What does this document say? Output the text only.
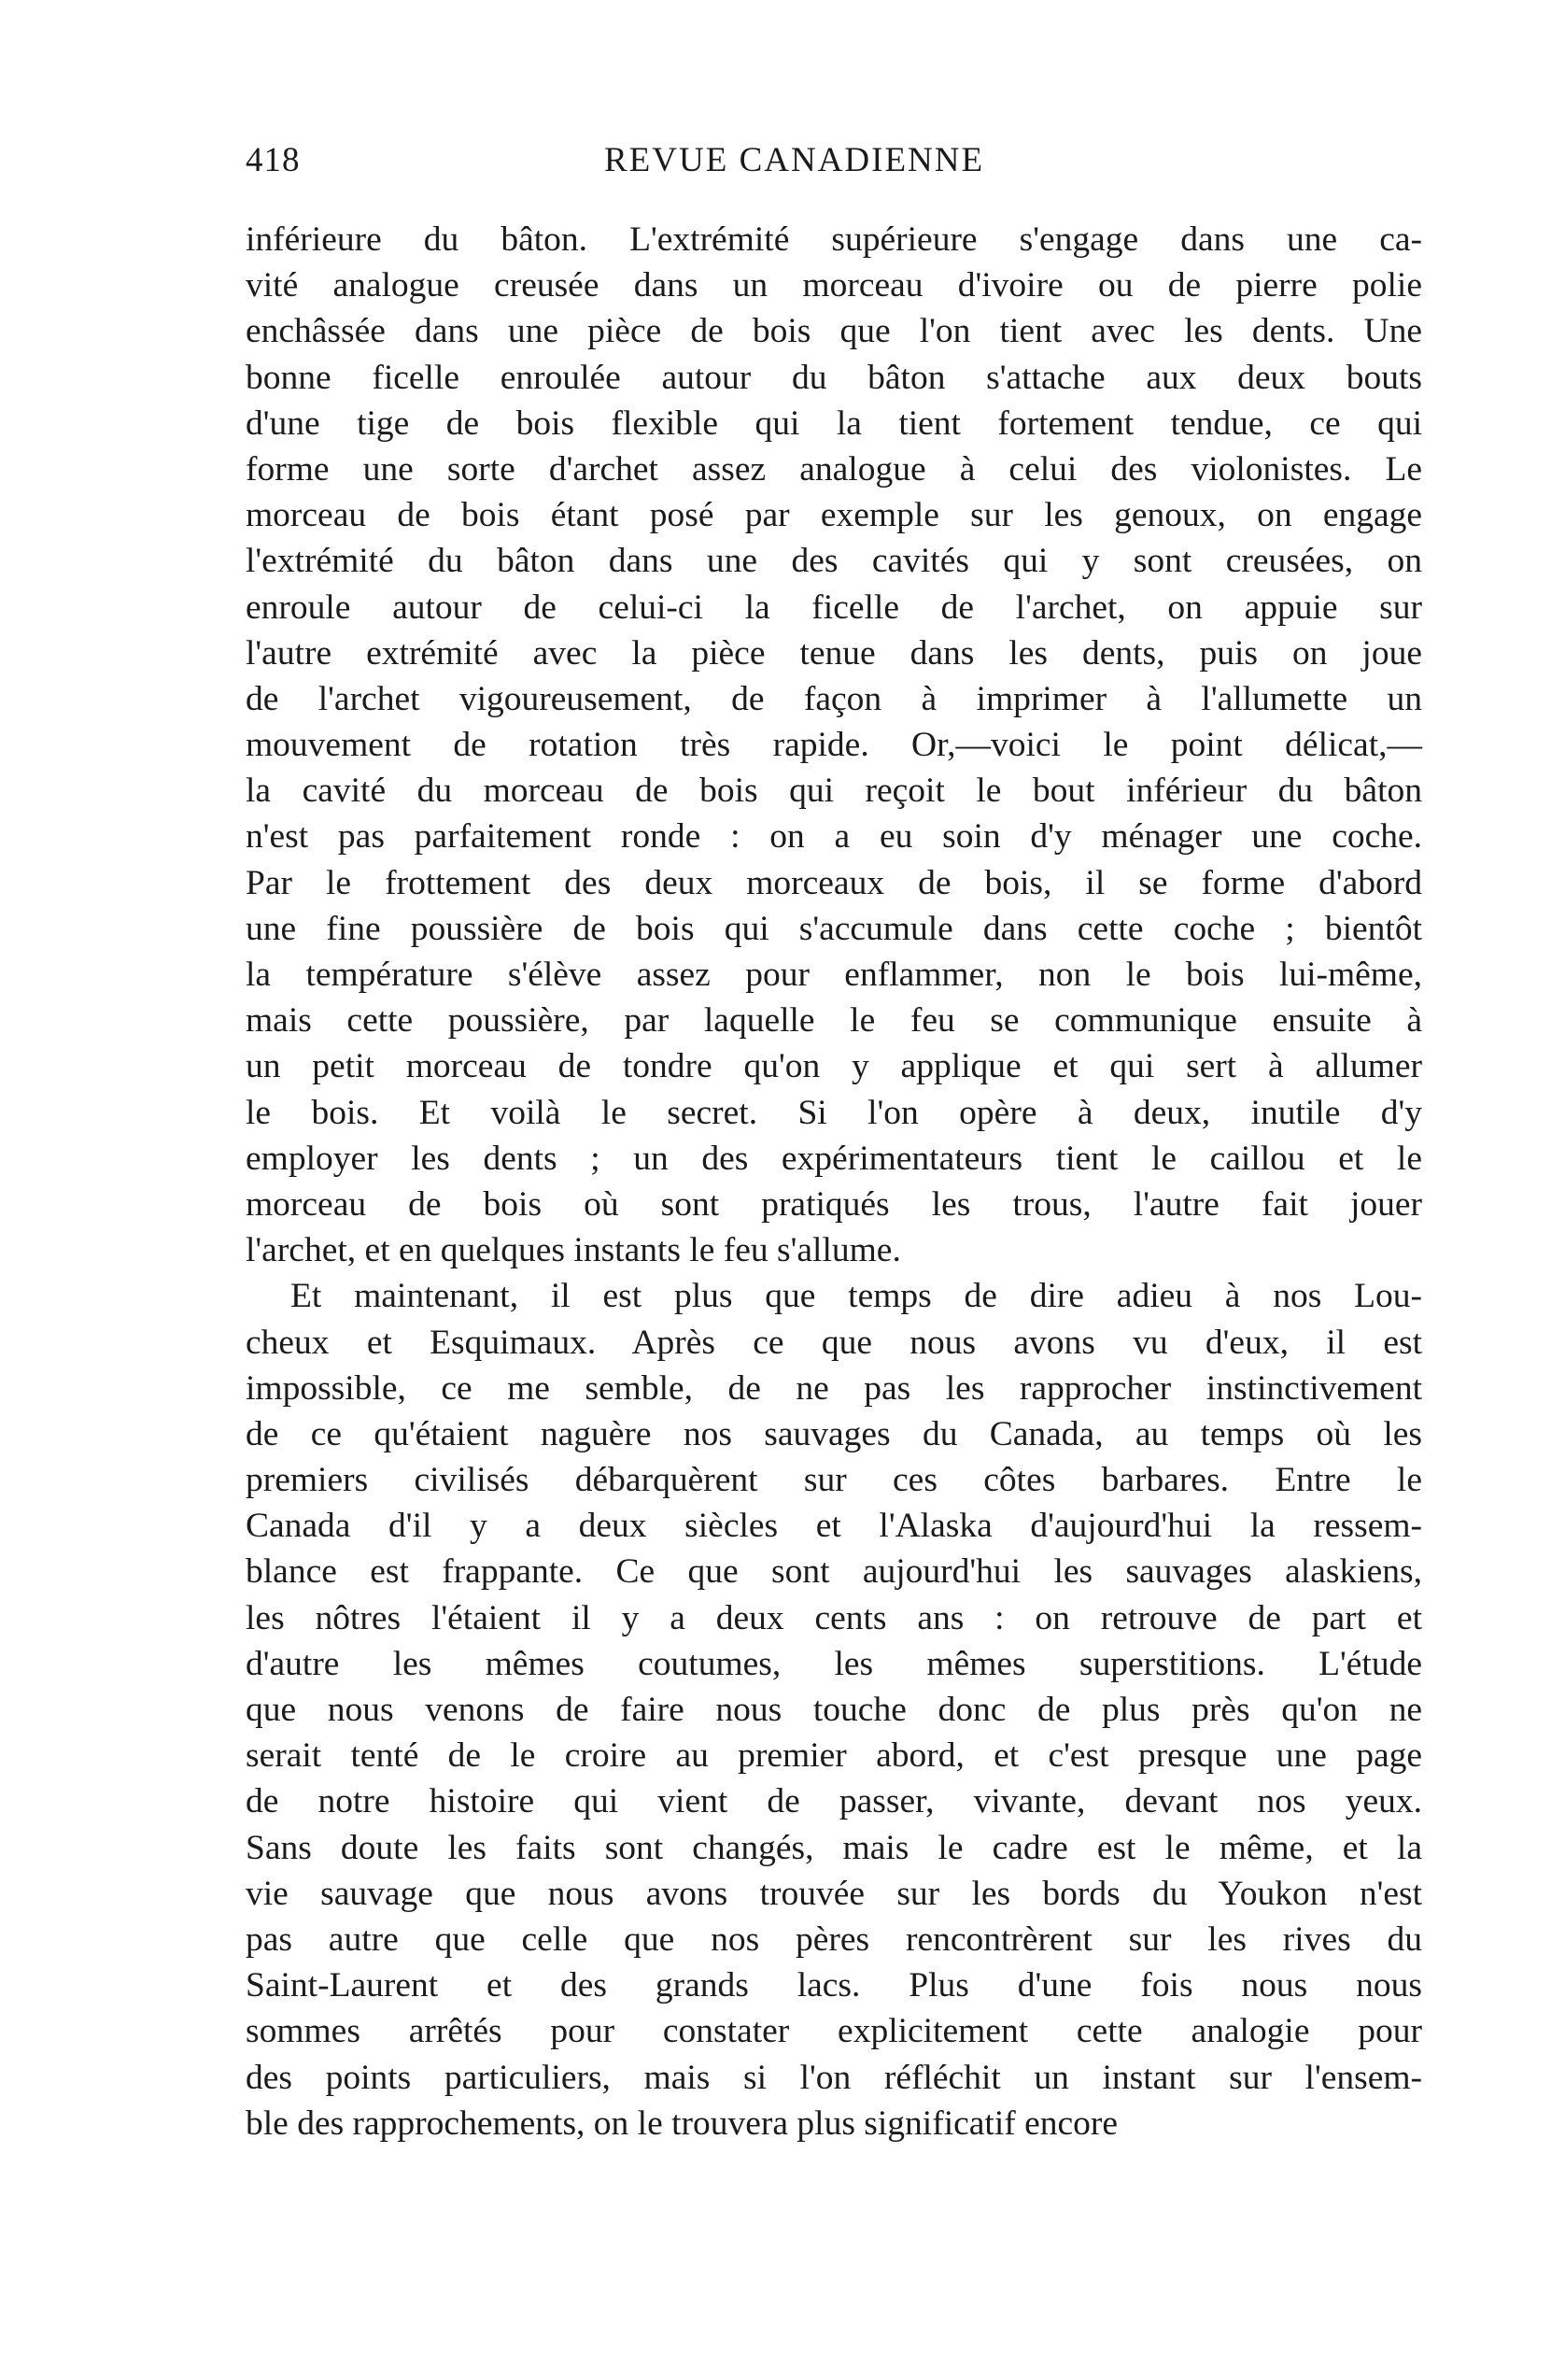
418	REVUE CANADIENNE
inférieure du bâton. L'extrémité supérieure s'engage dans une ca-
vité analogue creusée dans un morceau d'ivoire ou de pierre polie
enchâssée dans une pièce de bois que l'on tient avec les dents. Une
bonne ficelle enroulée autour du bâton s'attache aux deux bouts
d'une tige de bois flexible qui la tient fortement tendue, ce qui
forme une sorte d'archet assez analogue à celui des violonistes. Le
morceau de bois étant posé par exemple sur les genoux, on engage
l'extrémité du bâton dans une des cavités qui y sont creusées, on
enroule autour de celui-ci la ficelle de l'archet, on appuie sur
l'autre extrémité avec la pièce tenue dans les dents, puis on joue
de l'archet vigoureusement, de façon à imprimer à l'allumette un
mouvement de rotation très rapide. Or,—voici le point délicat,—
la cavité du morceau de bois qui reçoit le bout inférieur du bâton
n'est pas parfaitement ronde : on a eu soin d'y ménager une coche.
Par le frottement des deux morceaux de bois, il se forme d'abord
une fine poussière de bois qui s'accumule dans cette coche ; bientôt
la température s'élève assez pour enflammer, non le bois lui-même,
mais cette poussière, par laquelle le feu se communique ensuite à
un petit morceau de tondre qu'on y applique et qui sert à allumer
le bois. Et voilà le secret. Si l'on opère à deux, inutile d'y
employer les dents ; un des expérimentateurs tient le caillou et le
morceau de bois où sont pratiqués les trous, l'autre fait jouer
l'archet, et en quelques instants le feu s'allume.
Et maintenant, il est plus que temps de dire adieu à nos Lou-
cheux et Esquimaux. Après ce que nous avons vu d'eux, il est
impossible, ce me semble, de ne pas les rapprocher instinctivement
de ce qu'étaient naguère nos sauvages du Canada, au temps où les
premiers civilisés débarquèrent sur ces côtes barbares. Entre le
Canada d'il y a deux siècles et l'Alaska d'aujourd'hui la ressem-
blance est frappante. Ce que sont aujourd'hui les sauvages alaskiens,
les nôtres l'étaient il y a deux cents ans : on retrouve de part et
d'autre les mêmes coutumes, les mêmes superstitions. L'étude
que nous venons de faire nous touche donc de plus près qu'on ne
serait tenté de le croire au premier abord, et c'est presque une page
de notre histoire qui vient de passer, vivante, devant nos yeux.
Sans doute les faits sont changés, mais le cadre est le même, et la
vie sauvage que nous avons trouvée sur les bords du Youkon n'est
pas autre que celle que nos pères rencontrèrent sur les rives du
Saint-Laurent et des grands lacs. Plus d'une fois nous nous
sommes arrêtés pour constater explicitement cette analogie pour
des points particuliers, mais si l'on réfléchit un instant sur l'ensem-
ble des rapprochements, on le trouvera plus significatif encore
